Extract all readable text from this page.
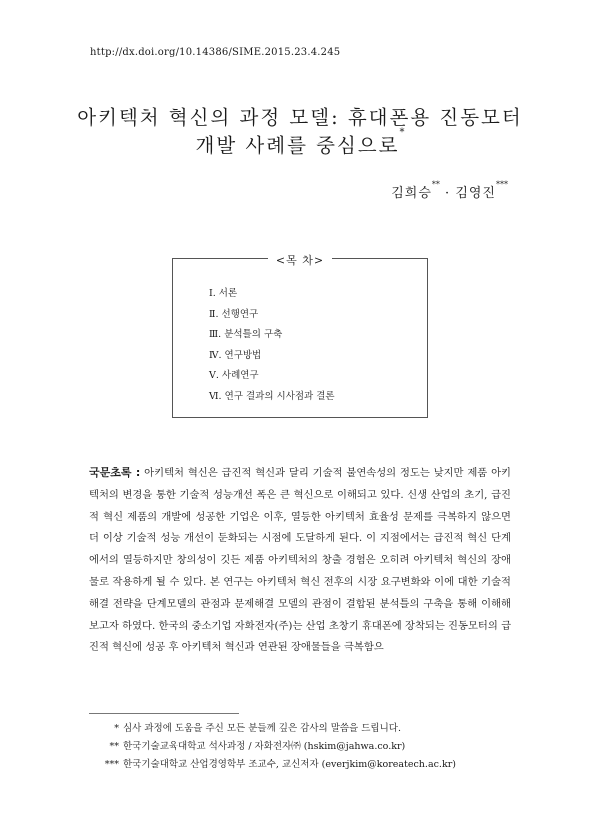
http://dx.doi.org/10.14386/SIME.2015.23.4.245
아키텍처 혁신의 과정 모델: 휴대폰용 진동모터
개발 사례를 중심으로*
김희승** · 김영진***
<목 차>
Ⅰ. 서론
Ⅱ. 선행연구
Ⅲ. 분석틀의 구축
Ⅳ. 연구방법
Ⅴ. 사례연구
Ⅵ. 연구 결과의 시사점과 결론

국문초록 : 아키텍처 혁신은 급진적 혁신과 달리 기술적 불연속성의 정도는 낮지만 제품 아키텍처의 변경을 통한 기술적 성능개선 폭은 큰 혁신으로 이해되고 있다. 신생 산업의 초기, 급진적 혁신 제품의 개발에 성공한 기업은 이후, 열등한 아키텍처 효율성 문제를 극복하지 않으면 더 이상 기술적 성능 개선이 둔화되는 시점에 도달하게 된다. 이 지점에서는 급진적 혁신 단계에서의 열등하지만 창의성이 깃든 제품 아키텍처의 창출 경험은 오히려 아키텍처 혁신의 장애물로 작용하게 될 수 있다. 본 연구는 아키텍처 혁신 전후의 시장 요구변화와 이에 대한 기술적 해결 전략을 단계모델의 관점과 문제해결 모델의 관점이 결합된 분석틀의 구축을 통해 이해해보고자 하였다. 한국의 중소기업 자화전자(주)는 산업 초창기 휴대폰에 장착되는 진동모터의 급진적 혁신에 성공 후 아키텍처 혁신과 연관된 장애물들을 극복함으

* 심사 과정에 도움을 주신 모든 분들께 깊은 감사의 말씀을 드립니다.
** 한국기술교육대학교 석사과정 / 자화전자㈜ (hskim@jahwa.co.kr)
*** 한국기술대학교 산업경영학부 조교수, 교신저자 (everjkim@koreatech.ac.kr)
